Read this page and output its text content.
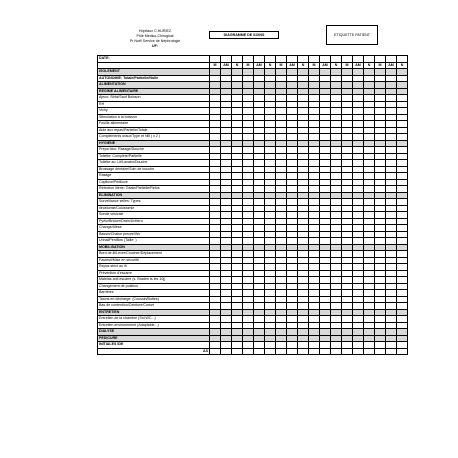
Hôpitaux C.HURIEZ
Pôle Médico-Chirugical
Pr Noël Service de Néphrologie
UF:
DIAGRAMME DE SOINS	ETIQUETTE PATIENT
DATE:																		
	M	AM	N	M	AM	N	M	AM	N	M	AM	N	M	AM	N	M	AM	N
ISOLEMENT																		
AUTONOMIE: Totale/Partielle/Nulle																		
ALIMENTATION																		
REGIME ALIMENTAIRE																		
Ajeun: Strict/Sauf Boisson																		
RH																		
Vichy																		
Stimulation à la boisson																		
Feuille alimentaire																		
Aide aux repas/Partielle/Totale																		
Compléments oraux/Type et NB ( x 2 )																		
HYGIENE																		
Prépa bloc: Rasage/Douche																		
Toilette: Complète/Partielle																		
Toilette au: Lit/Lavabo/Douche																		
Brossage dentaire/Soin de bouche																		
Rasage																		
Capiluve/Pédiluve																		
Réfection literie: Totale/Partielle/Refus																		
ELIMINATION																		
Surveillance selles: Types:																		
Iléostomie/Colostomie																		
Sonde vésicale																		
Pyélo/Bricker/Drain/Urétéro																		
Change/Alèse																		
Bassin/Chaise percée/Wc																		
Urinal/Péniflow (Taille: )																		
MOBILISATION																		
Bord de lit/Lever/Coucher/Déplacement																		
Fauteuil/Mise en sécurité																		
Repos strict au lit																		
Prévention d'escarre																		
Matelas anti escarre (s. Braden ts les 10j)																		
Changement de position																		
Barrières																		
Talons en décharge: (Coussin/Bottes)																		
Bas de contention/Ceinture/Corset																		
ENTRETIEN																		
Entretien de la chambre (Sol,WC...)																		
Entretien environement (Adaptable...)																		
DIALYSE																		
PEDICURE																		
INITIALES IDE																		
AS																		
